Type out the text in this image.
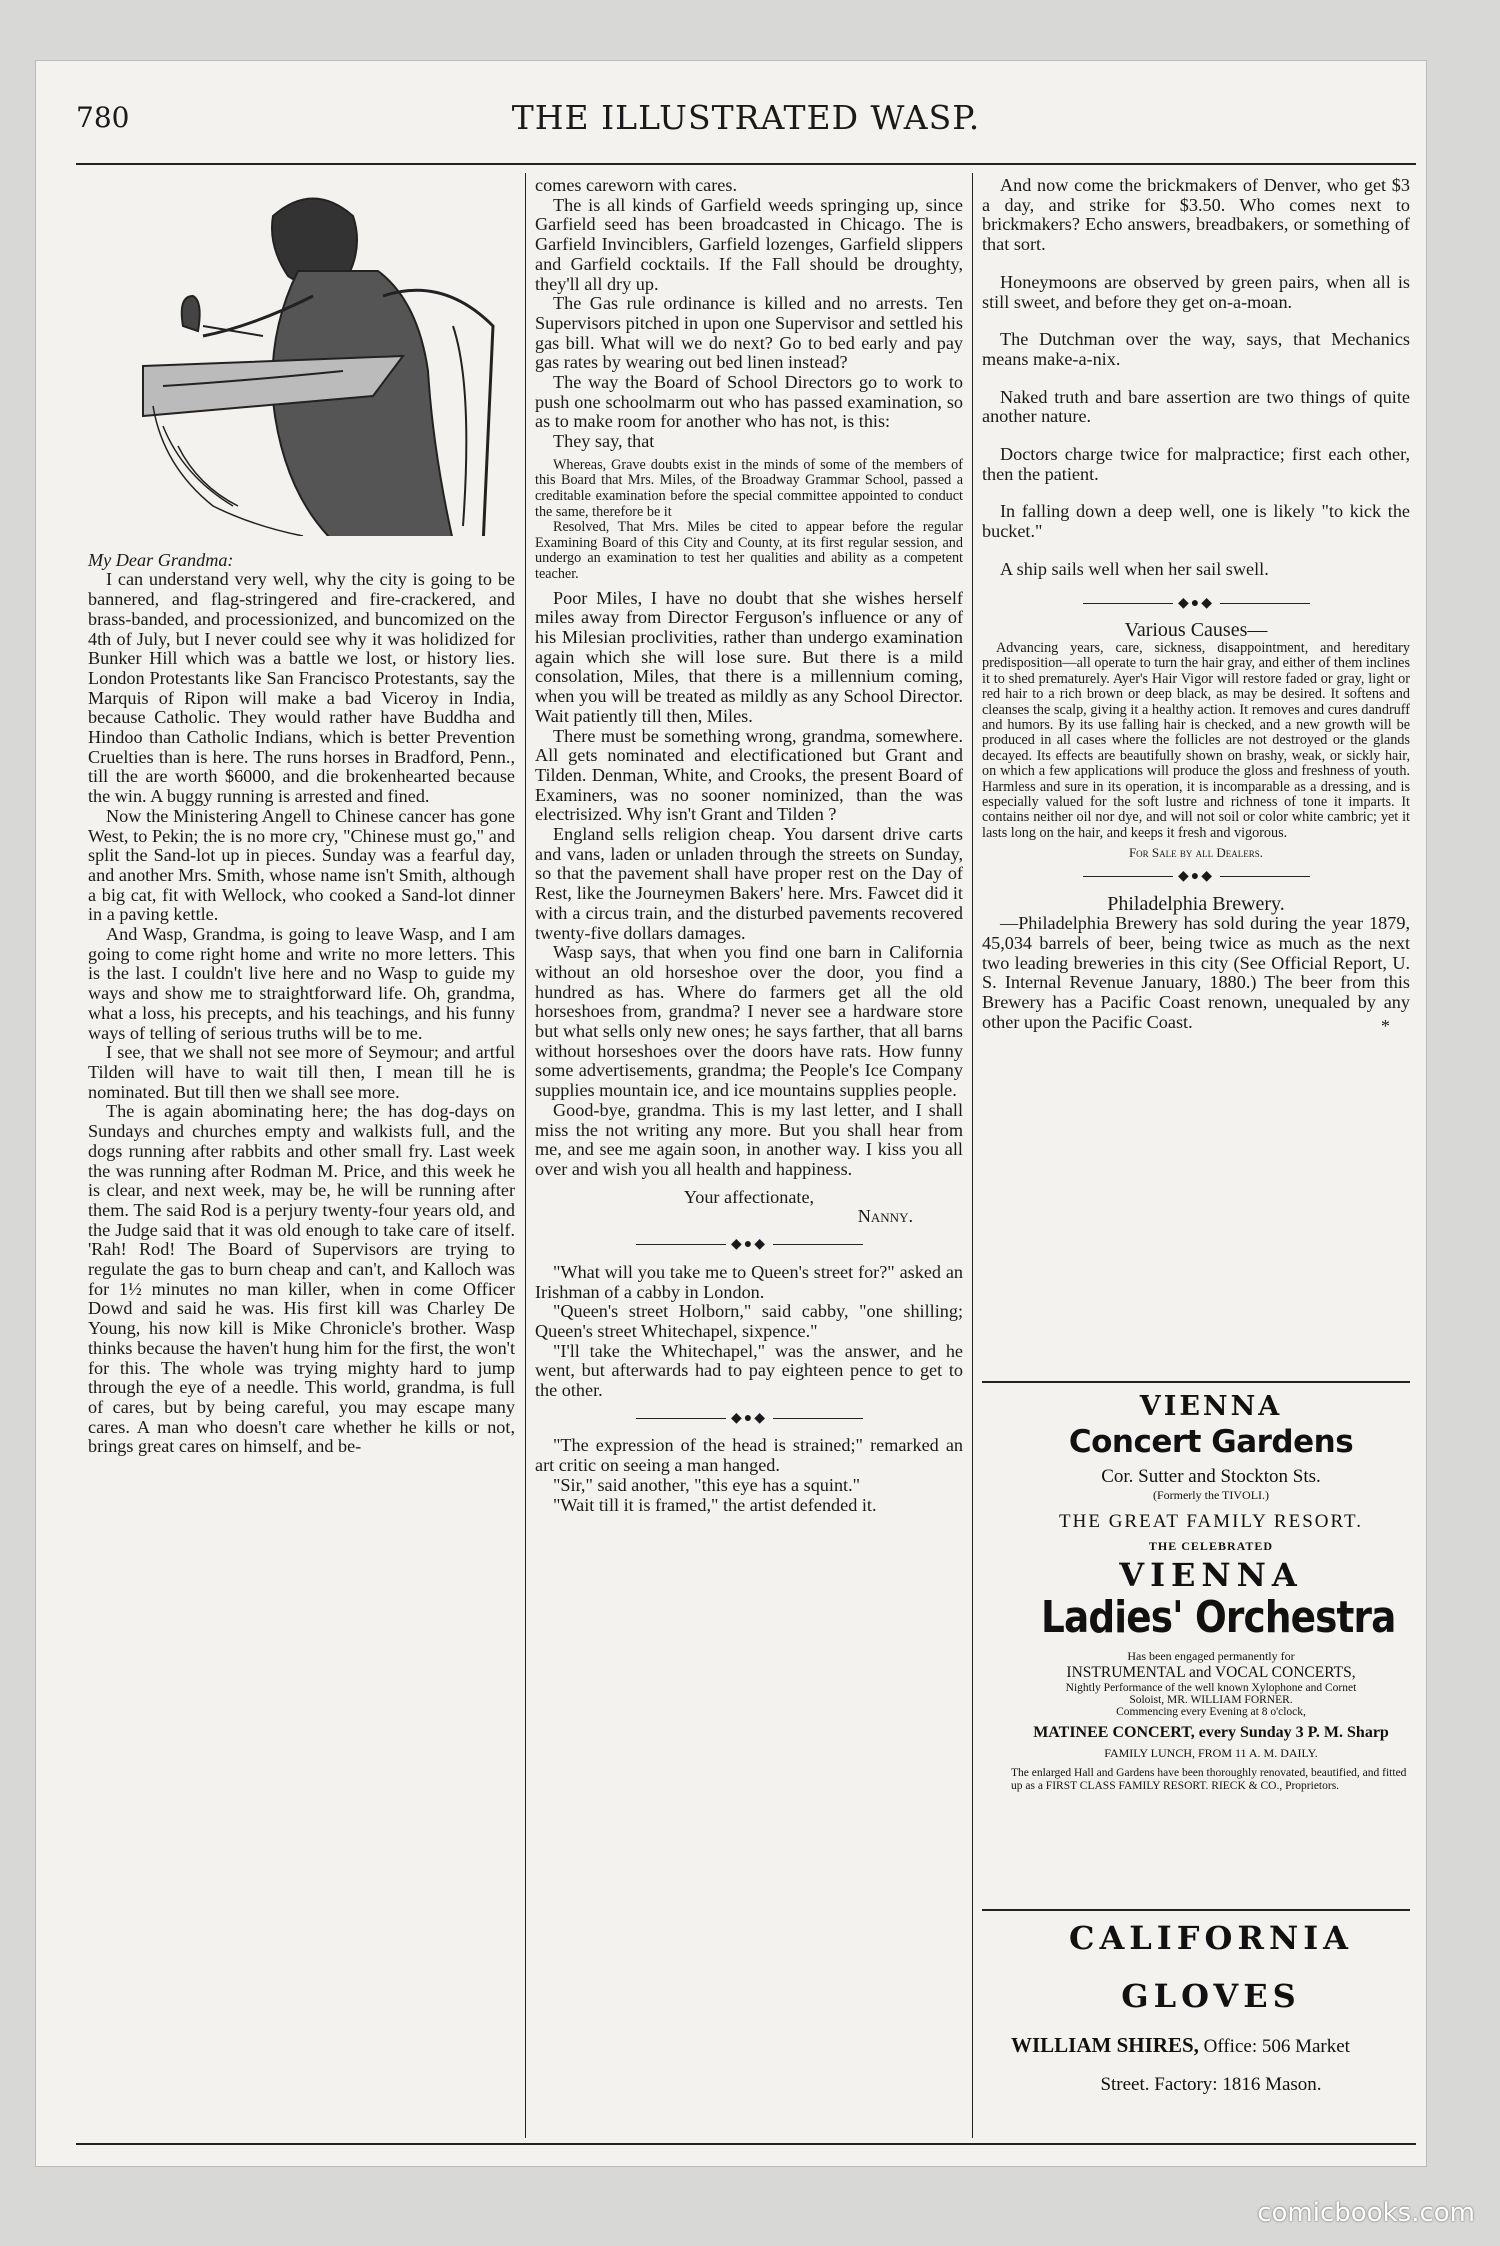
780	THE ILLUSTRATED WASP.

My Dear Grandma:

I can understand very well, why the city is going to be bannered, and flag-stringered and fire-crackered, and brass-banded, and processionized, and buncomized on the 4th of July, but I never could see why it was holidized for Bunker Hill which was a battle we lost, or history lies. London Protestants like San Francisco Protestants, say the Marquis of Ripon will make a bad Viceroy in India, because Catholic. They would rather have Buddha and Hindoo than Catholic Indians, which is better Prevention Cruelties than is here. The runs horses in Bradford, Penn., till the are worth $6000, and die brokenhearted because the win. A buggy running is arrested and fined.

Now the Ministering Angell to Chinese cancer has gone West, to Pekin; the is no more cry, "Chinese must go," and split the Sand-lot up in pieces. Sunday was a fearful day, and another Mrs. Smith, whose name isn't Smith, although a big cat, fit with Wellock, who cooked a Sand-lot dinner in a paving kettle.

And Wasp, Grandma, is going to leave Wasp, and I am going to come right home and write no more letters. This is the last. I couldn't live here and no Wasp to guide my ways and show me to straightforward life. Oh, grandma, what a loss, his precepts, and his teachings, and his funny ways of telling of serious truths will be to me.

I see, that we shall not see more of Seymour; and artful Tilden will have to wait till then, I mean till he is nominated. But till then we shall see more.

The is again abominating here; the has dog-days on Sundays and churches empty and walkists full, and the dogs running after rabbits and other small fry. Last week the was running after Rodman M. Price, and this week he is clear, and next week, may be, he will be running after them. The said Rod is a perjury twenty-four years old, and the Judge said that it was old enough to take care of itself. 'Rah! Rod! The Board of Supervisors are trying to regulate the gas to burn cheap and can't, and Kalloch was for 1½ minutes no man killer, when in come Officer Dowd and said he was. His first kill was Charley De Young, his now kill is Mike Chronicle's brother. Wasp thinks because the haven't hung him for the first, the won't for this. The whole was trying mighty hard to jump through the eye of a needle. This world, grandma, is full of cares, but by being careful, you may escape many cares. A man who doesn't care whether he kills or not, brings great cares on himself, and be-

comes careworn with cares.

The is all kinds of Garfield weeds springing up, since Garfield seed has been broadcasted in Chicago. The is Garfield Invinciblers, Garfield lozenges, Garfield slippers and Garfield cocktails. If the Fall should be droughty, they'll all dry up.

The Gas rule ordinance is killed and no arrests. Ten Supervisors pitched in upon one Supervisor and settled his gas bill. What will we do next? Go to bed early and pay gas rates by wearing out bed linen instead?

The way the Board of School Directors go to work to push one schoolmarm out who has passed examination, so as to make room for another who has not, is this:

They say, that

Whereas, Grave doubts exist in the minds of some of the members of this Board that Mrs. Miles, of the Broadway Grammar School, passed a creditable examination before the special committee appointed to conduct the same, therefore be it

Resolved, That Mrs. Miles be cited to appear before the regular Examining Board of this City and County, at its first regular session, and undergo an examination to test her qualities and ability as a competent teacher.

Poor Miles, I have no doubt that she wishes herself miles away from Director Ferguson's influence or any of his Milesian proclivities, rather than undergo examination again which she will lose sure. But there is a mild consolation, Miles, that there is a millennium coming, when you will be treated as mildly as any School Director. Wait patiently till then, Miles.

There must be something wrong, grandma, somewhere. All gets nominated and electificationed but Grant and Tilden. Denman, White, and Crooks, the present Board of Examiners, was no sooner nominized, than the was electrisized. Why isn't Grant and Tilden ?

England sells religion cheap. You darsent drive carts and vans, laden or unladen through the streets on Sunday, so that the pavement shall have proper rest on the Day of Rest, like the Journeymen Bakers' here. Mrs. Fawcet did it with a circus train, and the disturbed pavements recovered twenty-five dollars damages.

Wasp says, that when you find one barn in California without an old horseshoe over the door, you find a hundred as has. Where do farmers get all the old horseshoes from, grandma? I never see a hardware store but what sells only new ones; he says farther, that all barns without horseshoes over the doors have rats. How funny some advertisements, grandma; the People's Ice Company supplies mountain ice, and ice mountains supplies people.

Good-bye, grandma. This is my last letter, and I shall miss the not writing any more. But you shall hear from me, and see me again soon, in another way. I kiss you all over and wish you all health and happiness.

Your affectionate,

Nanny.

◆●◆

"What will you take me to Queen's street for?" asked an Irishman of a cabby in London.

"Queen's street Holborn," said cabby, "one shilling; Queen's street Whitechapel, sixpence."

"I'll take the Whitechapel," was the answer, and he went, but afterwards had to pay eighteen pence to get to the other.

◆●◆

"The expression of the head is strained;" remarked an art critic on seeing a man hanged.

"Sir," said another, "this eye has a squint."

"Wait till it is framed," the artist defended it.

And now come the brickmakers of Denver, who get $3 a day, and strike for $3.50. Who comes next to brickmakers? Echo answers, breadbakers, or something of that sort.

Honeymoons are observed by green pairs, when all is still sweet, and before they get on-a-moan.

The Dutchman over the way, says, that Mechanics means make-a-nix.

Naked truth and bare assertion are two things of quite another nature.

Doctors charge twice for malpractice; first each other, then the patient.

In falling down a deep well, one is likely "to kick the bucket."

A ship sails well when her sail swell.

◆●◆

Various Causes—

Advancing years, care, sickness, disappointment, and hereditary predisposition—all operate to turn the hair gray, and either of them inclines it to shed prematurely. Ayer's Hair Vigor will restore faded or gray, light or red hair to a rich brown or deep black, as may be desired. It softens and cleanses the scalp, giving it a healthy action. It removes and cures dandruff and humors. By its use falling hair is checked, and a new growth will be produced in all cases where the follicles are not destroyed or the glands decayed. Its effects are beautifully shown on brashy, weak, or sickly hair, on which a few applications will produce the gloss and freshness of youth. Harmless and sure in its operation, it is incomparable as a dressing, and is especially valued for the soft lustre and richness of tone it imparts. It contains neither oil nor dye, and will not soil or color white cambric; yet it lasts long on the hair, and keeps it fresh and vigorous.

For Sale by all Dealers.

◆●◆

Philadelphia Brewery.

—Philadelphia Brewery has sold during the year 1879, 45,034 barrels of beer, being twice as much as the next two leading breweries in this city (See Official Report, U. S. Internal Revenue January, 1880.) The beer from this Brewery has a Pacific Coast renown, unequaled by any other upon the Pacific Coast.	*

VIENNA
Concert Gardens
Cor. Sutter and Stockton Sts.
(Formerly the TIVOLI.)
THE GREAT FAMILY RESORT.
THE CELEBRATED
VIENNA
Ladies' Orchestra
Has been engaged permanently for
INSTRUMENTAL and VOCAL CONCERTS,
Nightly Performance of the well known Xylophone and Cornet
Soloist, MR. WILLIAM FORNER.
Commencing every Evening at 8 o'clock,
MATINEE CONCERT, every Sunday 3 P. M. Sharp
FAMILY LUNCH, FROM 11 A. M. DAILY.
The enlarged Hall and Gardens have been thoroughly renovated, beautified, and fitted up as a FIRST CLASS FAMILY RESORT. RIECK & CO., Proprietors.
CALIFORNIA
GLOVES
WILLIAM SHIRES, Office: 506 Market
Street. Factory: 1816 Mason.
comicbooks.com
